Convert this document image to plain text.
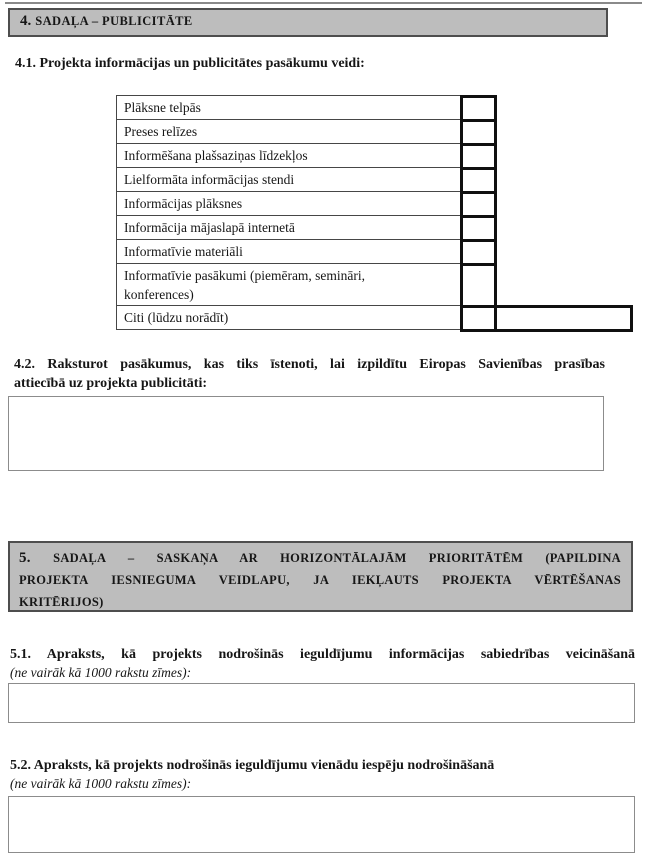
4. SADAĻA – PUBLICITĀTE
4.1. Projekta informācijas un publicitātes pasākumu veidi:
Plāksne telpās
Preses relīzes
Informēšana plašsaziņas līdzekļos
Lielformāta informācijas stendi
Informācijas plāksnes
Informācija mājaslapā internetā
Informatīvie materiāli
Informatīvie pasākumi (piemēram, semināri, konferences)
Citi (lūdzu norādīt)
4.2. Raksturot pasākumus, kas tiks īstenoti, lai izpildītu Eiropas Savienības prasības
attiecībā uz projekta publicitāti:
5. SADAĻA – SASKAŅA AR HORIZONTĀLAJĀM PRIORITĀTĒM (PAPILDINA
PROJEKTA IESNIEGUMA VEIDLAPU, JA IEKĻAUTS PROJEKTA VĒRTĒŠANAS
KRITĒRIJOS)
5.1. Apraksts, kā projekts nodrošinās ieguldījumu informācijas sabiedrības veicināšanā
(ne vairāk kā 1000 rakstu zīmes):
5.2. Apraksts, kā projekts nodrošinās ieguldījumu vienādu iespēju nodrošināšanā
(ne vairāk kā 1000 rakstu zīmes):
